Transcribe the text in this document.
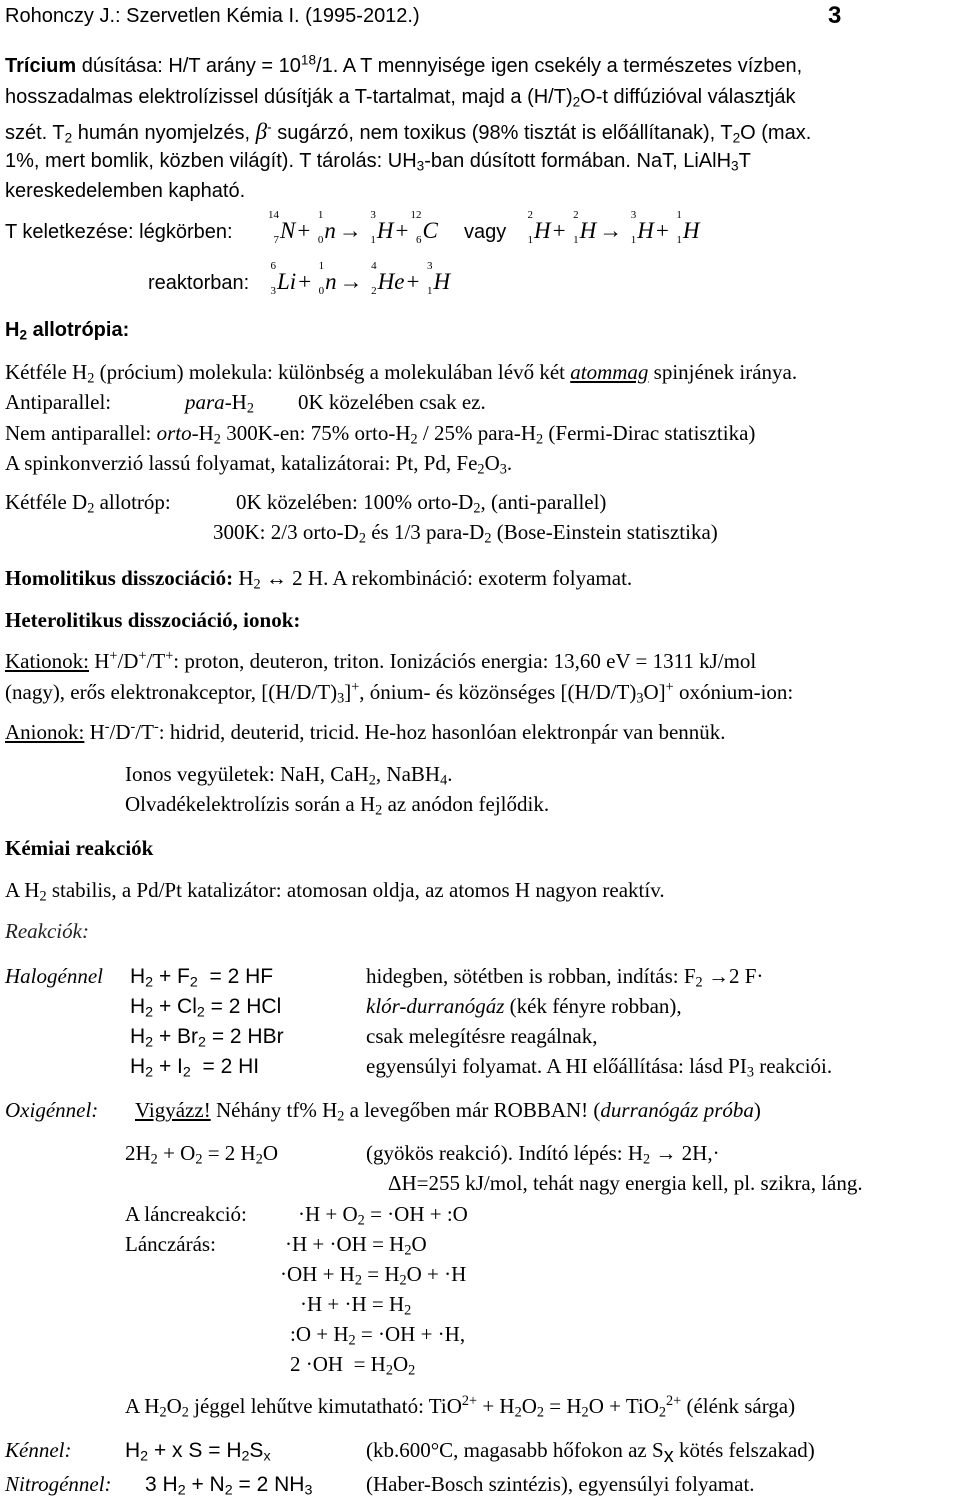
Rohonczy J.: Szervetlen Kémia I. (1995-2012.)	3
Trícium dúsítása: H/T arány = $10^{18}/1$. A T mennyisége igen csekély a természetes vízben,
hosszadalmas elektrolízissel dúsítják a T-tartalmat, majd a $(H/T)_2O-t$ diffúzióval választják
szét. $T_2$ humán nyomjelzés, β- sugárzó, nem toxikus (98% tisztát is előállítanak), $T_2O$ (max.
1%, mert bomlik, közben világít). T tárolás: $UH_3$-ban dúsított formában. NaT, LiAlH$_3$T
kereskedelemben kapható.
T keletkezése: légkörben:
14
7 N+
1
0 n →
3
1 H+
12
6 C vagy
2
1 H+
2
1 H →
3
1 H+
1
1 H
reaktorban:
6
3 Li+
1
0 n →
4
2 He+
3
1 H
$H_2$ allotrópia:
Kétféle $H_2$ (prócium) molekula: különbség a molekulában lévő két atommag spinjének iránya.
Antiparallel:	para-$H_2$ 0K közelében csak ez.
Nem antiparallel: orto-$H_2$ 300K-en: 75% orto-$H_2 / 25\%$ para-$H_2$ (Fermi-Dirac statisztika)
A spinkonverzió lassú folyamat, katalizátorai: Pt, Pd, $Fe_2O_3$.
Kétféle $D_2$ allotróp:	0K közelében: 100% orto-$D_2$, (anti-parallel)
300K: 2/3 orto-$D_2$ és 1/3 para-$D_2$ (Bose-Einstein statisztika)
Homolitikus disszociáció: $H_2$ ↔ 2 H. A rekombináció: exoterm folyamat.
Heterolitikus disszociáció, ionok:
Kationok: H+/D+/T+: proton, deuteron, triton. Ionizációs energia: 13,60 eV = 1311 kJ/mol
(nagy), erős elektronakceptor, $[(H/D/T)_3]^+$, ónium- és közönséges $[(H/D/T)_3O]^+$ oxónium-ion:
Anionok: H-/D-/T-: hidrid, deuterid, tricid. He-hoz hasonlóan elektronpár van bennük.
Ionos vegyületek: NaH, CaH$_2$, NaBH$_4$.
Olvadékelektrolízis során a $H_2$ az anódon fejlődik.
Kémiai reakciók
A $H_2$ stabilis, a Pd/Pt katalizátor: atomosan oldja, az atomos H nagyon reaktív.
Reakciók:
Halogénnel $H_2 + F_2 = 2$ HF	hidegben, sötétben is robban, indítás: $F_2 \to 2$ F·
$H_2 + Cl_2 = 2$ HCl	klór-durranógáz (kék fényre robban),
$H_2 + Br_2 = 2$ HBr	csak melegítésre reagálnak,
$H_2 + I_2 = 2$ HI	egyensúlyi folyamat. A HI előállítása: lásd $PI_3$ reakciói.
Oxigénnel: Vigyázz! Néhány tf% $H_2$ a levegőben már ROBBAN! (durranógáz próba)
$2H_2 + O_2 = 2$ $H_2O$	(gyökös reakció). Indító lépés: $H_2 \to 2H,\cdot$
ΔH=255 kJ/mol, tehát nagy energia kell, pl. szikra, láng.
A láncreakció: $\cdot H + O_2 = \cdot OH$ + :O
Lánczárás:	$\cdot H + \cdot OH = H_2O$
$\cdot OH + H_2 = H_2O + \cdot H$
$\cdot H + \cdot H = H_2$
:O + $H_2 = \cdot OH + \cdot H$,
$2 \cdot OH = H_2O_2$
A $H_2O_2$ jéggel lehűtve kimutatható: $TiO^{2+} + H_2O_2 = H_2O + TiO_2^{2+}$ (élénk sárga)
Kénnel:	$H_2 + x$ $S = H_2S_x$	(kb.600°C, magasabb hőfokon az $S_x$ kötés felszakad)
Nitrogénnel: 3 $H_2 + N_2 = 2$ $NH_3$	(Haber-Bosch szintézis), egyensúlyi folyamat.
